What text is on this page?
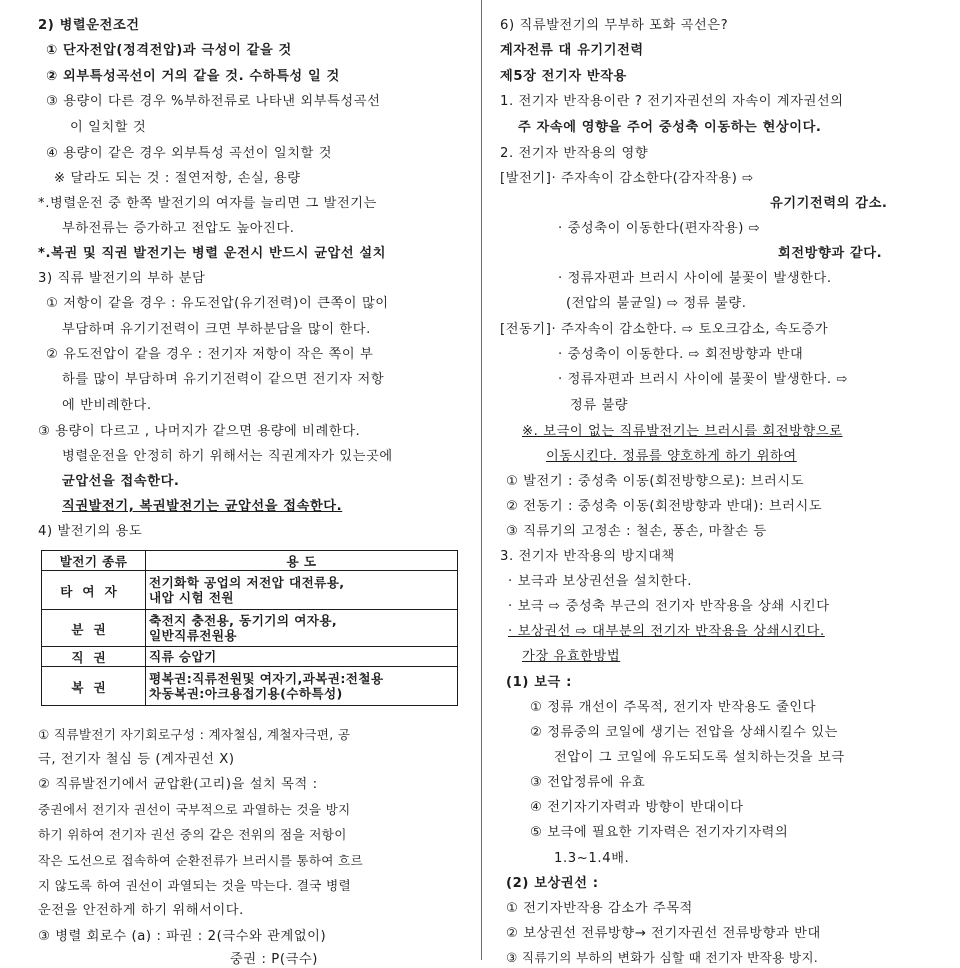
2) 병렬운전조건
① 단자전압(정격전압)과 극성이 같을 것
② 외부특성곡선이 거의 같을 것. 수하특성 일 것
③ 용량이 다른 경우 %부하전류로 나타낸 외부특성곡선
이 일치할 것
④ 용량이 같은 경우 외부특성 곡선이 일치할 것
※ 달라도 되는 것 : 절연저항, 손실, 용량
*.병렬운전 중 한쪽 발전기의 여자를 늘리면 그 발전기는
부하전류는 증가하고 전압도 높아진다.
*.복권 및 직권 발전기는 병렬 운전시 반드시 균압선 설치
3) 직류 발전기의 부하 분담
① 저항이 같을 경우 : 유도전압(유기전력)이 큰쪽이 많이
부담하며 유기기전력이 크면 부하분담을 많이 한다.
② 유도전압이 같을 경우 : 전기자 저항이 작은 쪽이 부
하를 많이 부담하며 유기기전력이 같으면 전기자 저항
에 반비례한다.
③ 용량이 다르고 , 나머지가 같으면 용량에 비례한다.
병렬운전을 안정히 하기 위해서는 직권계자가 있는곳에
균압선을 접속한다.
직권발전기, 복권발전기는 균압선을 접속한다.
4) 발전기의 용도
발전기 종류	용 도
타여자	전기화학 공업의 저전압 대전류용,
내압 시험 전원

분권	축전지 충전용, 동기기의 여자용,
일반직류전원용

직권	직류 승압기

복권	평복권:직류전원및 여자기,과복권:전철용
차동복권:아크용접기용(수하특성)
① 직류발전기 자기회로구성 : 계자철심, 계철자극편, 공
극, 전기자 철심 등 (계자권선 X)
② 직류발전기에서 균압환(고리)을 설치 목적 :
중권에서 전기자 권선이 국부적으로 과열하는 것을 방지
하기 위하여 전기자 권선 중의 같은 전위의 점을 저항이
작은 도선으로 접속하여 순환전류가 브러시를 통하여 흐르
지 않도록 하여 권선이 과열되는 것을 막는다. 결국 병렬
운전을 안전하게 하기 위해서이다.
③ 병렬 회로수 (a) : 파권 : 2(극수와 관계없이)
중권 : P(극수)
6) 직류발전기의 무부하 포화 곡선은?
계자전류 대 유기기전력
제5장 전기자 반작용
1. 전기자 반작용이란 ? 전기자권선의 자속이 계자권선의
주 자속에 영향을 주어 중성축 이동하는 현상이다.
2. 전기자 반작용의 영향
[발전기]· 주자속이 감소한다(감자작용) ⇨
유기기전력의 감소.
· 중성축이 이동한다(편자작용) ⇨
회전방향과 같다.
· 정류자편과 브러시 사이에 불꽃이 발생한다.
(전압의 불균일) ⇨ 정류 불량.
[전동기]· 주자속이 감소한다. ⇨ 토오크감소, 속도증가
· 중성축이 이동한다. ⇨ 회전방향과 반대
· 정류자편과 브러시 사이에 불꽃이 발생한다. ⇨
정류 불량
※. 보극이 없는 직류발전기는 브러시를 회전방향으로
이동시킨다. 정류를 양호하게 하기 위하여
① 발전기 : 중성축 이동(회전방향으로): 브러시도
② 전동기 : 중성축 이동(회전방향과 반대): 브러시도
③ 직류기의 고정손 : 철손, 풍손, 마찰손 등
3. 전기자 반작용의 방지대책
· 보극과 보상권선을 설치한다.
· 보극 ⇨ 중성축 부근의 전기자 반작용을 상쇄 시킨다
· 보상권선 ⇨ 대부분의 전기자 반작용을 상쇄시킨다.
가장 유효한방법
(1) 보극 :
① 정류 개선이 주목적, 전기자 반작용도 줄인다
② 정류중의 코일에 생기는 전압을 상쇄시킬수 있는
전압이 그 코일에 유도되도록 설치하는것을 보극
③ 전압정류에 유효
④ 전기자기자력과 방향이 반대이다
⑤ 보극에 필요한 기자력은 전기자기자력의
1.3~1.4배.
(2) 보상권선 :
① 전기자반작용 감소가 주목적
② 보상권선 전류방향→ 전기자권선 전류방향과 반대
③ 직류기의 부하의 변화가 심할 때 전기자 반작용 방지.
